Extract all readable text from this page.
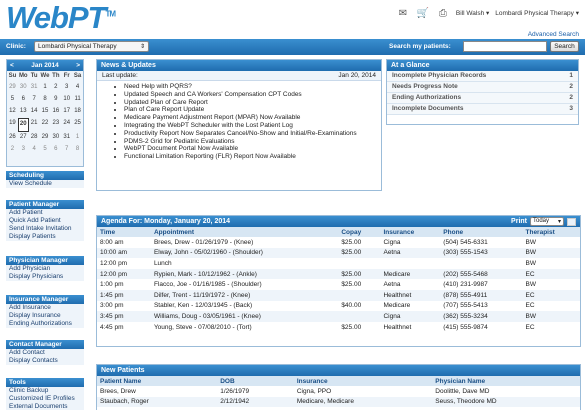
WebPT™	✉ 🛒 ⎙	Bill Walsh ▾ Lombardi Physical Therapy ▾
Advanced Search
Clinic:	Lombardi Physical Therapy	⇕	Search my patients:	Search
<	Jan 2014	>
Su Mo Tu We Th Fr Sa
29 30 31 1	2	3	4
5	6	7	8	9 10 11
12 13 14 15 16 17 18
19 20 21 22 23 24 25
26 27 28 29 30 31 1
2	3	4	5	6	7	8
Scheduling
View Schedule
Patient Manager
Add Patient
Quick Add Patient
Send Intake Invitation
Display Patients
Physician Manager
Add Physician
Display Physicians
Insurance Manager
Add Insurance
Display Insurance
Ending Authorizations
Contact Manager
Add Contact
Display Contacts
Tools
Clinic Backup
Customized IE Profiles
External Documents
News & Updates
Last update:	Jan 20, 2014
• Need Help with PQRS?
• Updated Speech and CA Workers' Compensation CPT Codes
• Updated Plan of Care Report
• Plan of Care Report Update
• Medicare Payment Adjustment Report (MPAR) Now Available
• Integrating the WebPT Scheduler with the Lost Patient Log
• Productivity Report Now Separates Cancel/No-Show and Initial/Re-Examinations
• PDMS-2 Grid for Pediatric Evaluations
• WebPT Document Portal Now Available
• Functional Limitation Reporting (FLR) Report Now Available
At a Glance
Incomplete Physician Records	1
Needs Progress Note	2
Ending Authorizations	2
Incomplete Documents	3
Agenda For: Monday, January 20, 2014	Print	Today ▾
Time	Appointment	Copay	Insurance	Phone	Therapist
8:00 am	Brees, Drew - 01/26/1979 - (Knee)	$25.00	Cigna	(504) 545-6331	BW
10:00 am	Elway, John - 05/02/1960 - (Shoulder)	$25.00	Aetna	(303) 555-1543	BW
12:00 pm	Lunch				BW
12:00 pm	Rypien, Mark - 10/12/1962 - (Ankle)	$25.00	Medicare	(202) 555-5468	EC
1:00 pm	Flacco, Joe - 01/16/1985 - (Shoulder)	$25.00	Aetna	(410) 231-9987	BW
1:45 pm	Dilfer, Trent - 11/19/1972 - (Knee)		Healthnet	(878) 555-4911	EC
3:00 pm	Stabler, Ken - 12/03/1945 - (Back)	$40.00	Medicare	(707) 555-5413	EC
3:45 pm	Williams, Doug - 03/05/1961 - (Knee)		Cigna	(362) 555-3234	BW
4:45 pm	Young, Steve - 07/08/2010 - (Tort)	$25.00	Healthnet	(415) 555-9874	EC
New Patients
Patient Name	DOB	Insurance	Physician Name
Brees, Drew	1/26/1979	Cigna, PPO	Doolittle, Dave MD
Staubach, Roger	2/12/1942	Medicare, Medicare	Seuss, Theodore MD
